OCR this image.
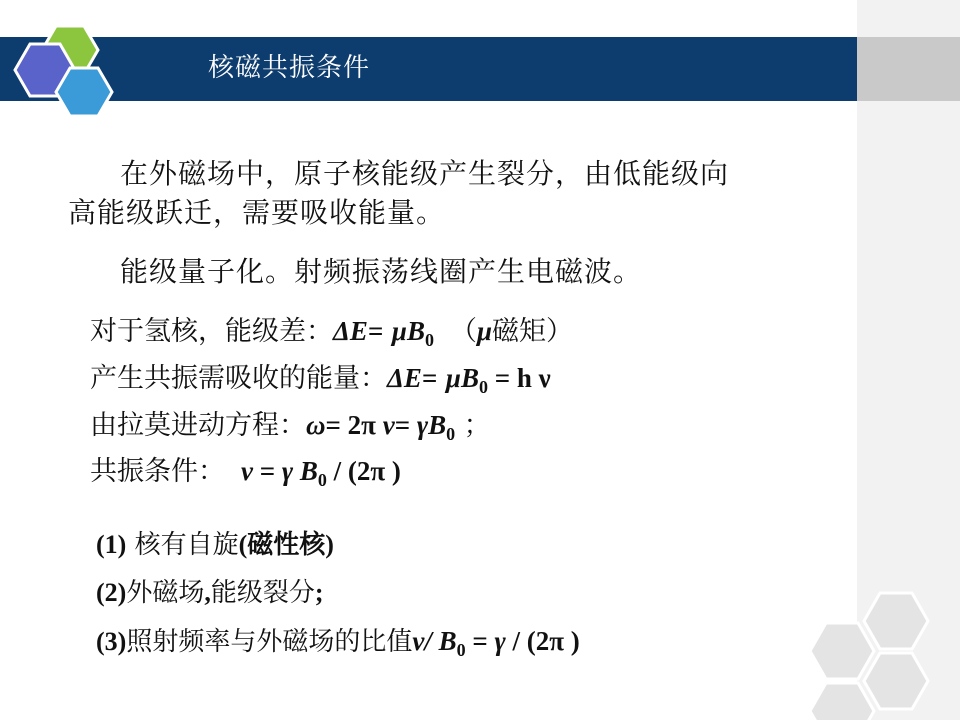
核磁共振条件
在外磁场中，原子核能级产生裂分，由低能级向
高能级跃迁，需要吸收能量。
能级量子化。射频振荡线圈产生电磁波。
对于氢核，能级差：$\Delta E= \mu B_0$ （μ磁矩）
产生共振需吸收的能量：$\Delta E= \mu B_0 = h$ ν
由拉莫进动方程：ω= 2π $\nu= \gamma B_0$ ；
共振条件： ν = γ $B_0 / (2\pi$ )
(1) 核有自旋(磁性核)
(2)外磁场,能级裂分;
(3)照射频率与外磁场的比值ν/ $B_0 = \gamma / (2\pi$ )
